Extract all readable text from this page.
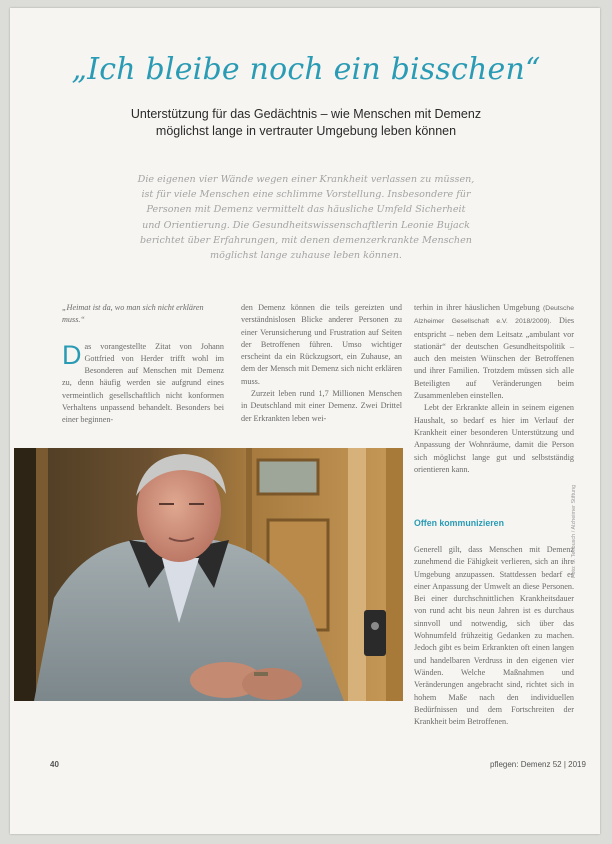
„Ich bleibe noch ein bisschen“
Unterstützung für das Gedächtnis – wie Menschen mit Demenz
möglichst lange in vertrauter Umgebung leben können
Die eigenen vier Wände wegen einer Krankheit verlassen zu müssen, ist für viele Menschen eine schlimme Vorstellung. Insbesondere für Personen mit Demenz vermittelt das häusliche Umfeld Sicherheit und Orientierung. Die Gesundheitswissenschaftlerin Leonie Bujack berichtet über Erfahrungen, mit denen demenzerkrankte Menschen möglichst lange zuhause leben können.
„Heimat ist da, wo man sich nicht erklären muss.“
Das vorangestellte Zitat von Johann Gottfried von Herder trifft wohl im Besonderen auf Menschen mit Demenz zu, denn häufig werden sie aufgrund eines vermeintlich gesellschaftlich nicht konformen Verhaltens unpassend behandelt. Besonders bei einer beginnen-
den Demenz können die teils gereizten und verständnislosen Blicke anderer Personen zu einer Verunsicherung und Frustration auf Seiten der Betroffenen führen. Umso wichtiger erscheint da ein Rückzugsort, ein Zuhause, an dem der Mensch mit Demenz sich nicht erklären muss.
Zurzeit leben rund 1,7 Millionen Menschen in Deutschland mit einer Demenz. Zwei Drittel der Erkrankten leben wei-
terhin in ihrer häuslichen Umgebung (Deutsche Alzheimer Gesellschaft e.V. 2018/2009). Dies entspricht – neben dem Leitsatz „ambulant vor stationär“ der deutschen Gesundheitspolitik – auch den meisten Wünschen der Betroffenen und ihrer Familien. Trotzdem müssen sich alle Beteiligten auf Veränderungen beim Zusammenleben einstellen.
Lebt der Erkrankte allein in seinem eigenen Haushalt, so bedarf es hier im Verlauf der Krankheit einer besonderen Unterstützung und Anpassung der Wohnräume, damit die Person sich möglichst lange gut und selbstständig orientieren kann.
Offen kommunizieren
Generell gilt, dass Menschen mit Demenz zunehmend die Fähigkeit verlieren, sich an ihre Umgebung anzupassen. Stattdessen bedarf es einer Anpassung der Umwelt an diese Personen. Bei einer durchschnittlichen Krankheitsdauer von rund acht bis neun Jahren ist es durchaus sinnvoll und notwendig, sich über das Wohnumfeld frühzeitig Gedanken zu machen. Jedoch gibt es beim Erkrankten oft einen langen und handelbaren Verdruss in den eigenen vier Wänden. Welche Maßnahmen und Veränderungen angebracht sind, richtet sich in hohem Maße nach den individuellen Bedürfnissen und dem Fortschreiten der Krankheit beim Betroffenen.
Foto: S. Tenbusch / Alzheimer Stiftung
40	pflegen: Demenz 52 | 2019
